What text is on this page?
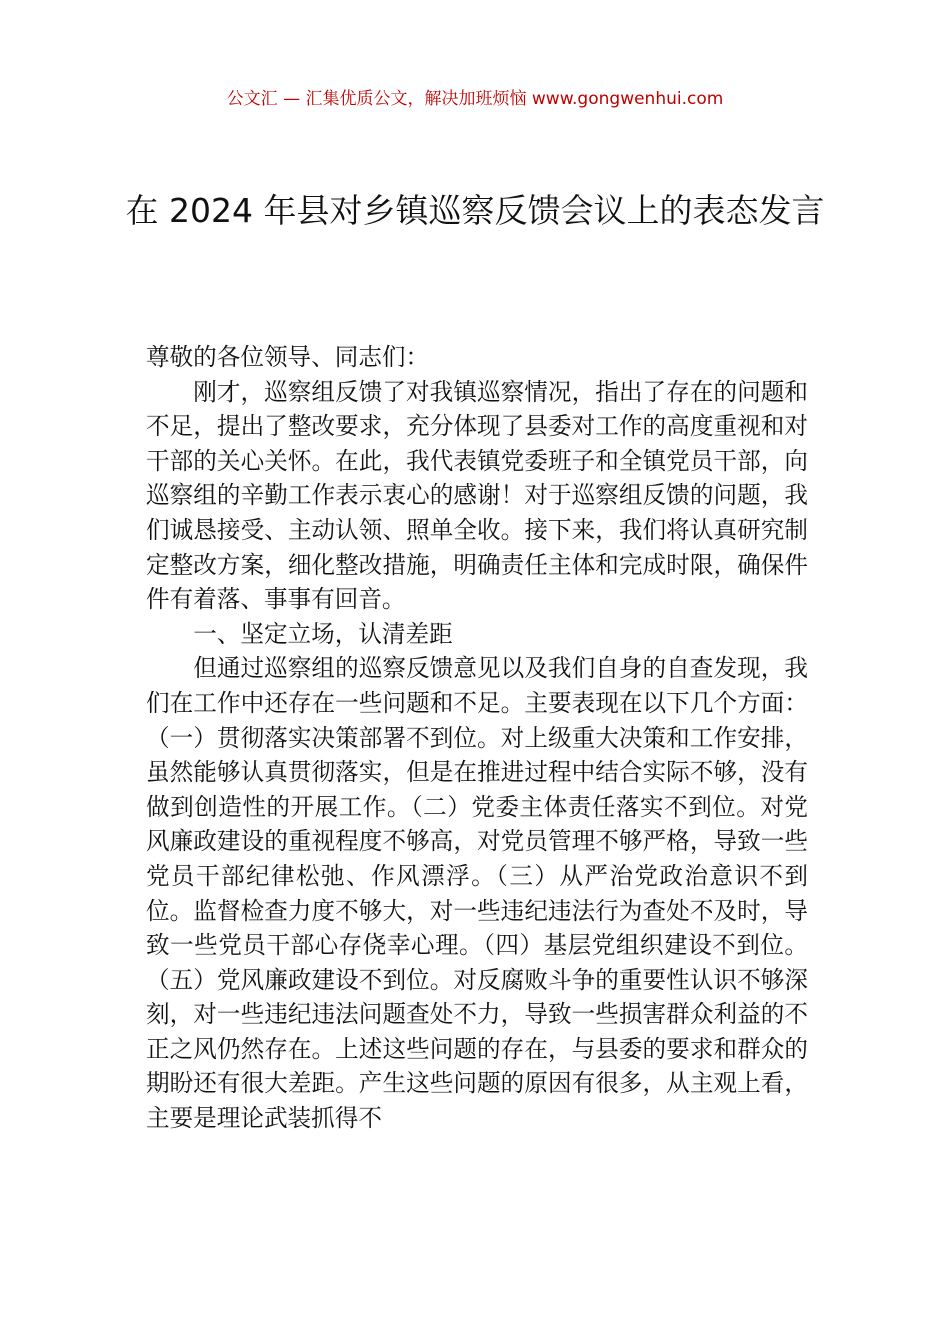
公文汇 — 汇集优质公文，解决加班烦恼 www.gongwenhui.com
在 2024 年县对乡镇巡察反馈会议上的表态发言

尊敬的各位领导、同志们：

刚才，巡察组反馈了对我镇巡察情况，指出了存在的问题和不足，提出了整改要求，充分体现了县委对工作的高度重视和对干部的关心关怀。在此，我代表镇党委班子和全镇党员干部，向巡察组的辛勤工作表示衷心的感谢！对于巡察组反馈的问题，我们诚恳接受、主动认领、照单全收。接下来，我们将认真研究制定整改方案，细化整改措施，明确责任主体和完成时限，确保件件有着落、事事有回音。

一、坚定立场，认清差距

但通过巡察组的巡察反馈意见以及我们自身的自查发现，我们在工作中还存在一些问题和不足。主要表现在以下几个方面：（一）贯彻落实决策部署不到位。对上级重大决策和工作安排，虽然能够认真贯彻落实，但是在推进过程中结合实际不够，没有做到创造性的开展工作。（二）党委主体责任落实不到位。对党风廉政建设的重视程度不够高，对党员管理不够严格，导致一些党员干部纪律松弛、作风漂浮。（三）从严治党政治意识不到位。监督检查力度不够大，对一些违纪违法行为查处不及时，导致一些党员干部心存侥幸心理。（四）基层党组织建设不到位。（五）党风廉政建设不到位。对反腐败斗争的重要性认识不够深刻，对一些违纪违法问题查处不力，导致一些损害群众利益的不正之风仍然存在。上述这些问题的存在，与县委的要求和群众的期盼还有很大差距。产生这些问题的原因有很多，从主观上看，主要是理论武装抓得不
